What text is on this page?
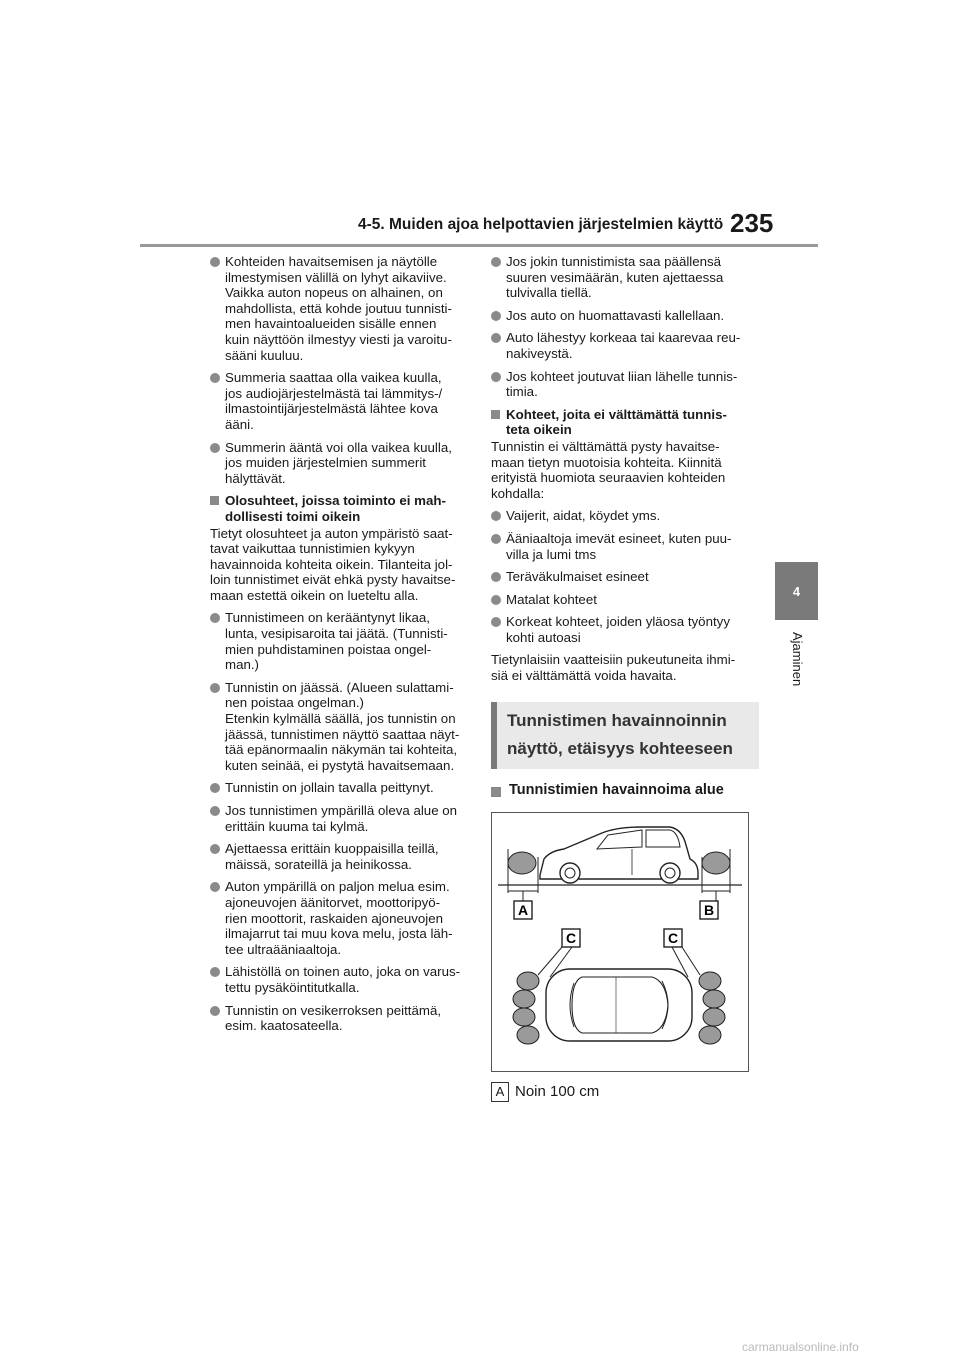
4-5. Muiden ajoa helpottavien järjestelmien käyttö 235
4
Ajaminen
Kohteiden havaitsemisen ja näytölle
ilmestymisen välillä on lyhyt aikaviive.
Vaikka auton nopeus on alhainen, on
mahdollista, että kohde joutuu tunnisti-
men havaintoalueiden sisälle ennen
kuin näyttöön ilmestyy viesti ja varoitu-
sääni kuuluu.
Summeria saattaa olla vaikea kuulla,
jos audiojärjestelmästä tai lämmitys-/
ilmastointijärjestelmästä lähtee kova
ääni.
Summerin ääntä voi olla vaikea kuulla,
jos muiden järjestelmien summerit
hälyttävät.
Olosuhteet, joissa toiminto ei mah-
dollisesti toimi oikein
Tietyt olosuhteet ja auton ympäristö saat-
tavat vaikuttaa tunnistimien kykyyn
havainnoida kohteita oikein. Tilanteita jol-
loin tunnistimet eivät ehkä pysty havaitse-
maan estettä oikein on lueteltu alla.
Tunnistimeen on kerääntynyt likaa,
lunta, vesipisaroita tai jäätä. (Tunnisti-
mien puhdistaminen poistaa ongel-
man.)
Tunnistin on jäässä. (Alueen sulattami-
nen poistaa ongelman.)
Etenkin kylmällä säällä, jos tunnistin on
jäässä, tunnistimen näyttö saattaa näyt-
tää epänormaalin näkymän tai kohteita,
kuten seinää, ei pystytä havaitsemaan.
Tunnistin on jollain tavalla peittynyt.
Jos tunnistimen ympärillä oleva alue on
erittäin kuuma tai kylmä.
Ajettaessa erittäin kuoppaisilla teillä,
mäissä, sorateillä ja heinikossa.
Auton ympärillä on paljon melua esim.
ajoneuvojen äänitorvet, moottoripyö-
rien moottorit, raskaiden ajoneuvojen
ilmajarrut tai muu kova melu, josta läh-
tee ultraääniaaltoja.
Lähistöllä on toinen auto, joka on varus-
tettu pysäköintitutkalla.
Tunnistin on vesikerroksen peittämä,
esim. kaatosateella.
Jos jokin tunnistimista saa päällensä
suuren vesimäärän, kuten ajettaessa
tulvivalla tiellä.
Jos auto on huomattavasti kallellaan.
Auto lähestyy korkeaa tai kaarevaa reu-
nakiveystä.
Jos kohteet joutuvat liian lähelle tunnis-
timia.
Kohteet, joita ei välttämättä tunnis-
teta oikein
Tunnistin ei välttämättä pysty havaitse-
maan tietyn muotoisia kohteita. Kiinnitä
erityistä huomiota seuraavien kohteiden
kohdalla:
Vaijerit, aidat, köydet yms.
Ääniaaltoja imevät esineet, kuten puu-
villa ja lumi tms
Teräväkulmaiset esineet
Matalat kohteet
Korkeat kohteet, joiden yläosa työntyy
kohti autoasi
Tietynlaisiin vaatteisiin pukeutuneita ihmi-
siä ei välttämättä voida havaita.
Tunnistimen havainnoinnin
näyttö, etäisyys kohteeseen
Tunnistimien havainnoima alue
A	B
C	C
A Noin 100 cm
carmanualsonline.info
